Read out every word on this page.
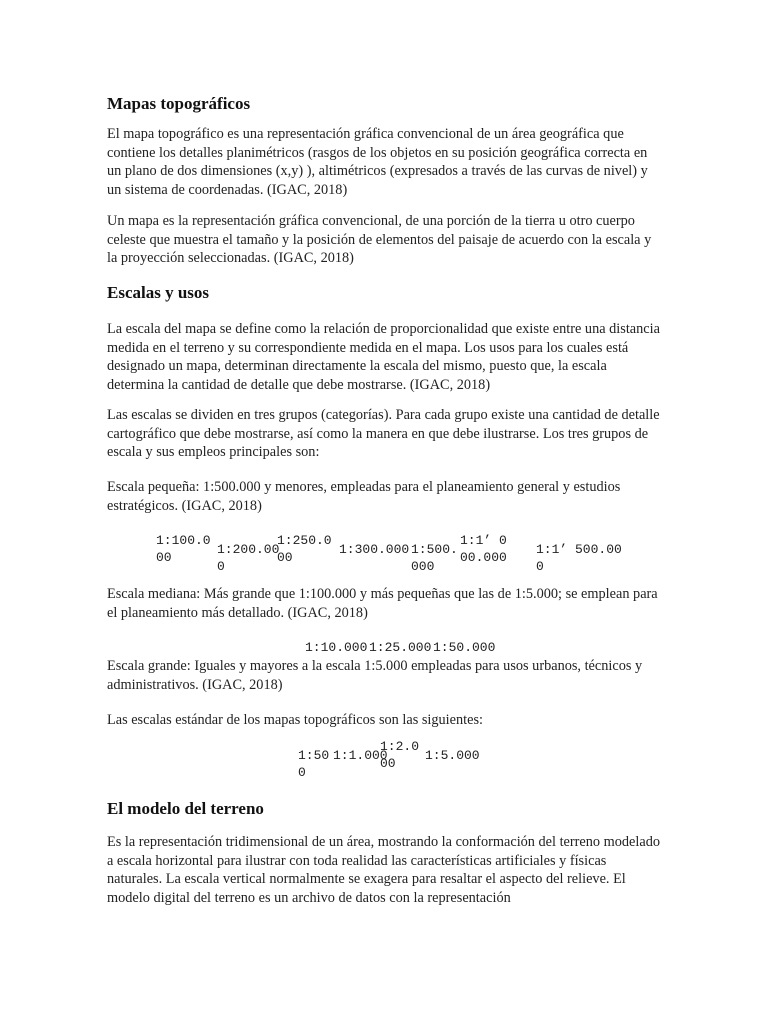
Mapas topográficos

El mapa topográfico es una representación gráfica convencional de un área geográfica que contiene los detalles planimétricos (rasgos de los objetos en su posición geográfica correcta en un plano de dos dimensiones (x,y) ), altimétricos (expresados a través de las curvas de nivel) y un sistema de coordenadas. (IGAC, 2018)

Un mapa es la representación gráfica convencional, de una porción de la tierra u otro cuerpo celeste que muestra el tamaño y la posición de elementos del paisaje de acuerdo con la escala y la proyección seleccionadas. (IGAC, 2018)

Escalas y usos

La escala del mapa se define como la relación de proporcionalidad que existe entre una distancia medida en el terreno y su correspondiente medida en el mapa. Los usos para los cuales está designado un mapa, determinan directamente la escala del mismo, puesto que, la escala determina la cantidad de detalle que debe mostrarse. (IGAC, 2018)

Las escalas se dividen en tres grupos (categorías). Para cada grupo existe una cantidad de detalle cartográfico que debe mostrarse, así como la manera en que debe ilustrarse. Los tres grupos de escala y sus empleos principales son:

Escala pequeña: 1:500.000 y menores, empleadas para el planeamiento general y estudios estratégicos. (IGAC, 2018)

1:100.000
1:200.000
1:250.000
1:300.000 1:500.000
1:1’ 000.000
1:1’ 500.000

Escala mediana: Más grande que 1:100.000 y más pequeñas que las de 1:5.000; se emplean para el planeamiento más detallado. (IGAC, 2018)

1:10.000 1:25.000 1:50.000

Escala grande: Iguales y mayores a la escala 1:5.000 empleadas para usos urbanos, técnicos y administrativos. (IGAC, 2018)

Las escalas estándar de los mapas topográficos son las siguientes:

1:500
1:1.000
1:2.000
1:5.000
El modelo del terreno

Es la representación tridimensional de un área, mostrando la conformación del terreno modelado a escala horizontal para ilustrar con toda realidad las características artificiales y físicas naturales. La escala vertical normalmente se exagera para resaltar el aspecto del relieve. El modelo digital del terreno es un archivo de datos con la representación
